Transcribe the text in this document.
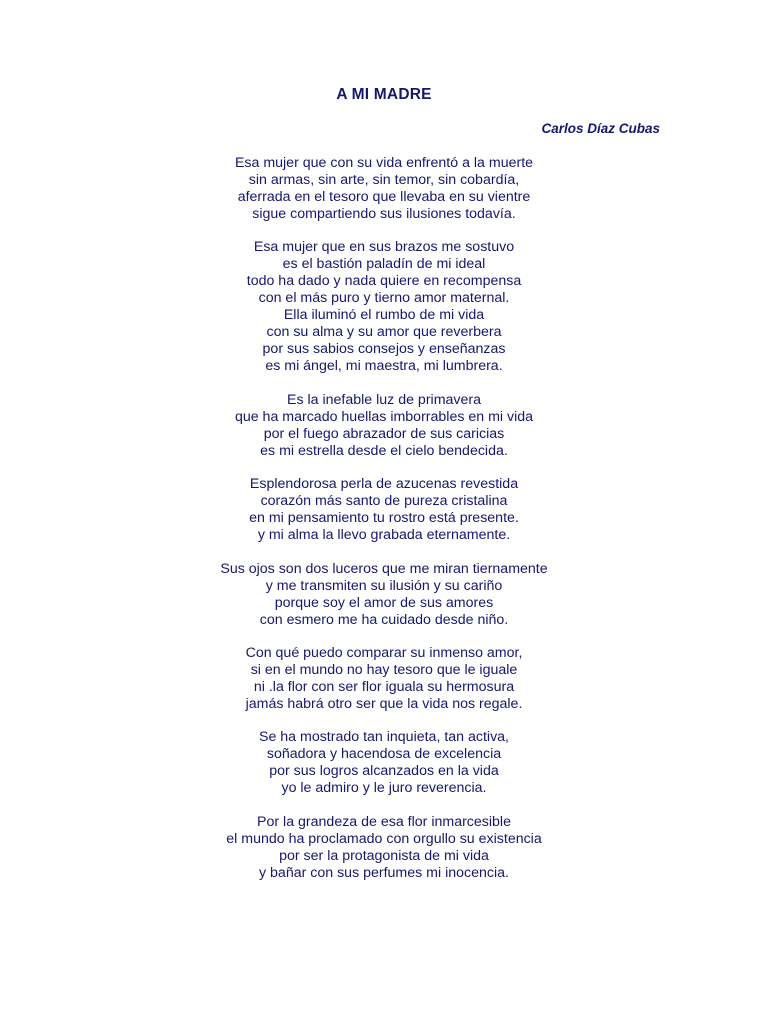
A MI MADRE
Carlos Díaz Cubas
Esa mujer que con su vida enfrentó a la muerte
sin armas, sin arte, sin temor, sin cobardía,
aferrada en el tesoro que llevaba en su vientre
sigue compartiendo sus ilusiones todavía.
Esa mujer que en sus brazos me sostuvo
es el bastión paladín de mi ideal
todo ha dado y nada quiere en recompensa
con el más puro y tierno amor maternal.
Ella iluminó el rumbo de mi vida
con su alma y su amor que reverbera
por sus sabios consejos y enseñanzas
es mi ángel, mi maestra, mi lumbrera.
Es la inefable luz de primavera
que ha marcado huellas imborrables en mi vida
por el fuego abrazador de sus caricias
es mi estrella desde el cielo bendecida.
Esplendorosa perla de azucenas revestida
corazón más santo de pureza cristalina
en mi pensamiento tu rostro está presente.
y mi alma la llevo grabada eternamente.
Sus ojos son dos luceros que me miran tiernamente
y me transmiten su ilusión y su cariño
porque soy el amor de sus amores
con esmero me ha cuidado desde niño.
Con qué puedo comparar su inmenso amor,
si en el mundo no hay tesoro que le iguale
ni .la flor con ser flor iguala su hermosura
jamás habrá otro ser que la vida nos regale.
Se ha mostrado tan inquieta, tan activa,
soñadora y hacendosa de excelencia
por sus logros alcanzados en la vida
yo le admiro y le juro reverencia.
Por la grandeza de esa flor inmarcesible
el mundo ha proclamado con orgullo su existencia
por ser la protagonista de mi vida
y bañar con sus perfumes mi inocencia.
